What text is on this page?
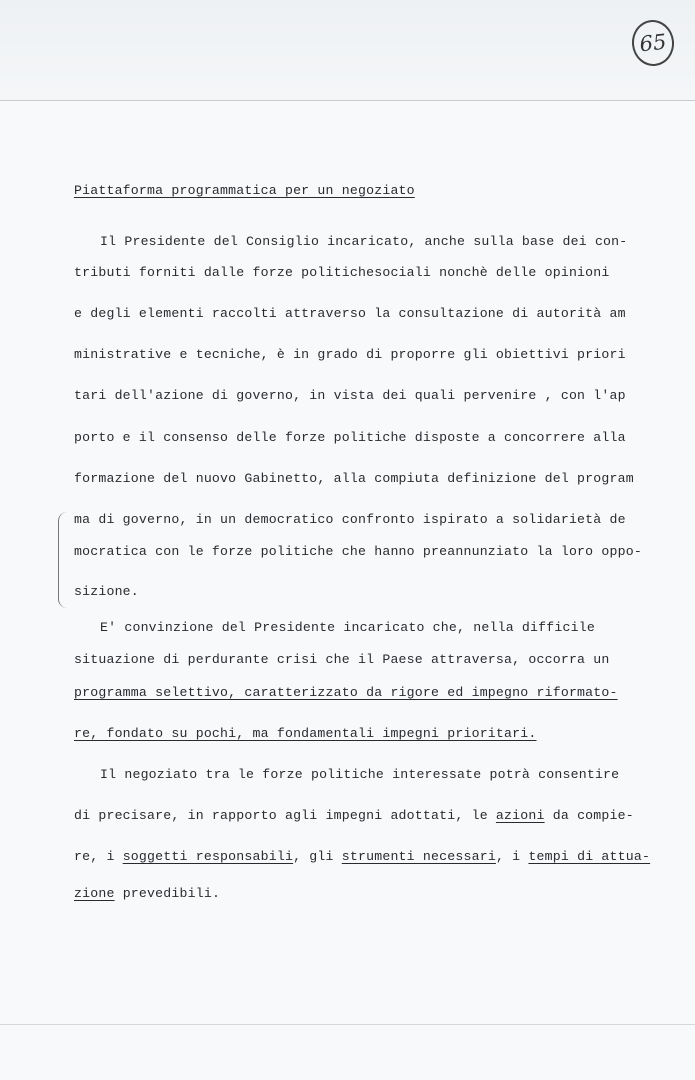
65
Piattaforma programmatica per un negoziato
Il Presidente del Consiglio incaricato, anche sulla base dei con-
tributi forniti dalle forze politichesociali nonchè delle opinioni
e degli elementi raccolti attraverso la consultazione di autorità am
ministrative e tecniche, è in grado di proporre gli obiettivi priori
tari dell'azione di governo, in vista dei quali pervenire , con l'ap
porto e il consenso delle forze politiche disposte a concorrere alla
formazione del nuovo Gabinetto, alla compiuta definizione del program
ma di governo, in un democratico confronto ispirato a solidarietà de
mocratica con le forze politiche che hanno preannunziato la loro oppo-
sizione.
E' convinzione del Presidente incaricato che, nella difficile
situazione di perdurante crisi che il Paese attraversa, occorra un
programma selettivo, caratterizzato da rigore ed impegno riformato-
re, fondato su pochi, ma fondamentali impegni prioritari.
Il negoziato tra le forze politiche interessate potrà consentire
di precisare, in rapporto agli impegni adottati, le azioni da compie-
re, i soggetti responsabili, gli strumenti necessari, i tempi di attua-
zione prevedibili.
